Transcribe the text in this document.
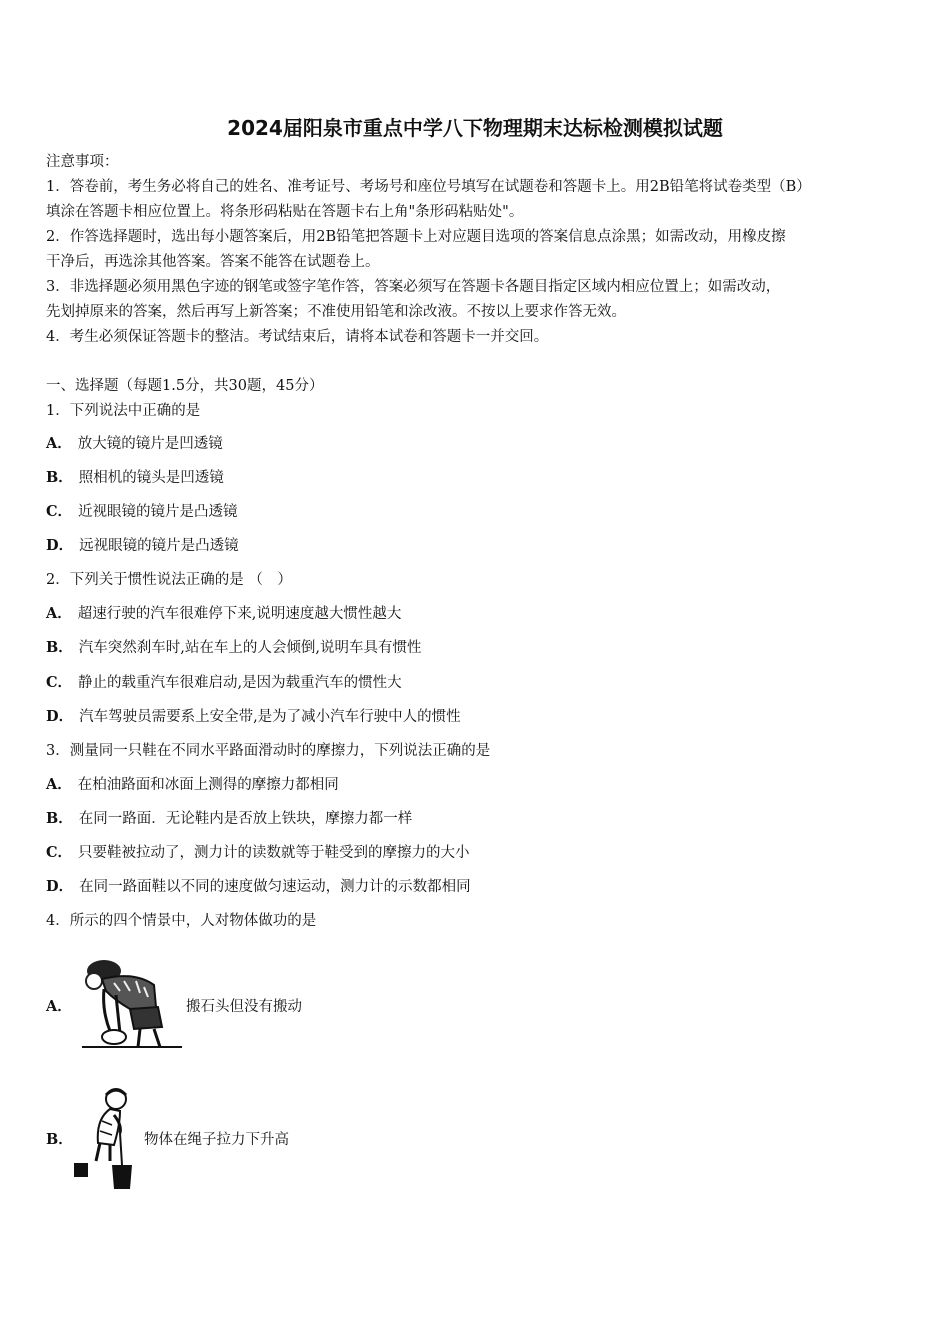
2024届阳泉市重点中学八下物理期末达标检测模拟试题
注意事项：
1．答卷前，考生务必将自己的姓名、准考证号、考场号和座位号填写在试题卷和答题卡上。用2B铅笔将试卷类型（B）
填涂在答题卡相应位置上。将条形码粘贴在答题卡右上角"条形码粘贴处"。
2．作答选择题时，选出每小题答案后，用2B铅笔把答题卡上对应题目选项的答案信息点涂黑；如需改动，用橡皮擦
干净后，再选涂其他答案。答案不能答在试题卷上。
3．非选择题必须用黑色字迹的钢笔或签字笔作答，答案必须写在答题卡各题目指定区域内相应位置上；如需改动，
先划掉原来的答案，然后再写上新答案；不准使用铅笔和涂改液。不按以上要求作答无效。
4．考生必须保证答题卡的整洁。考试结束后，请将本试卷和答题卡一并交回。
一、选择题（每题1.5分，共30题，45分）
1．下列说法中正确的是
A． 放大镜的镜片是凹透镜
B． 照相机的镜头是凹透镜
C． 近视眼镜的镜片是凸透镜
D． 远视眼镜的镜片是凸透镜
2．下列关于惯性说法正确的是 （　）
A． 超速行驶的汽车很难停下来,说明速度越大惯性越大
B． 汽车突然刹车时,站在车上的人会倾倒,说明车具有惯性
C． 静止的载重汽车很难启动,是因为载重汽车的惯性大
D． 汽车驾驶员需要系上安全带,是为了减小汽车行驶中人的惯性
3．测量同一只鞋在不同水平路面滑动时的摩擦力，下列说法正确的是
A． 在柏油路面和冰面上测得的摩擦力都相同
B． 在同一路面．无论鞋内是否放上铁块，摩擦力都一样
C． 只要鞋被拉动了，测力计的读数就等于鞋受到的摩擦力的大小
D． 在同一路面鞋以不同的速度做匀速运动，测力计的示数都相同
4．所示的四个情景中，人对物体做功的是
A．	搬石头但没有搬动
B．	物体在绳子拉力下升高
